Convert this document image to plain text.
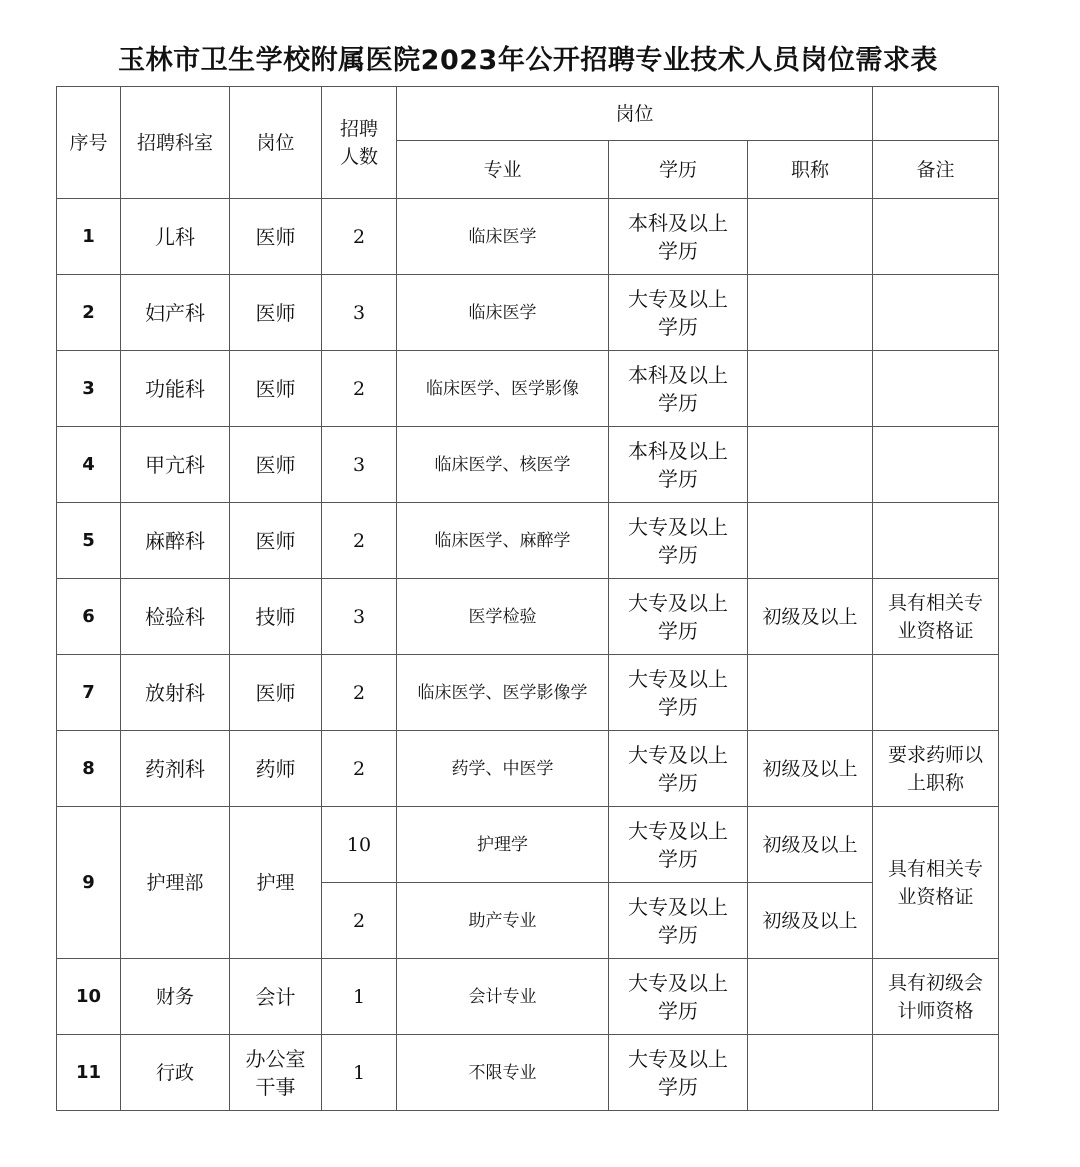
玉林市卫生学校附属医院2023年公开招聘专业技术人员岗位需求表
序号	招聘科室	岗位	招聘人数	岗位			
				专业	学历	职称	备注
1	儿科	医师	2	临床医学	本科及以上学历		
2	妇产科	医师	3	临床医学	大专及以上学历		
3	功能科	医师	2	临床医学、医学影像	本科及以上学历		
4	甲亢科	医师	3	临床医学、核医学	本科及以上学历		
5	麻醉科	医师	2	临床医学、麻醉学	大专及以上学历		
6	检验科	技师	3	医学检验	大专及以上学历	初级及以上	具有相关专业资格证
7	放射科	医师	2	临床医学、医学影像学	大专及以上学历		
8	药剂科	药师	2	药学、中医学	大专及以上学历	初级及以上	要求药师以上职称
9	护理部	护理	10	护理学	大专及以上学历	初级及以上	具有相关专业资格证
			2	助产专业	大专及以上学历	初级及以上	
10	财务	会计	1	会计专业	大专及以上学历		具有初级会计师资格
11	行政	办公室干事	1	不限专业	大专及以上学历		
